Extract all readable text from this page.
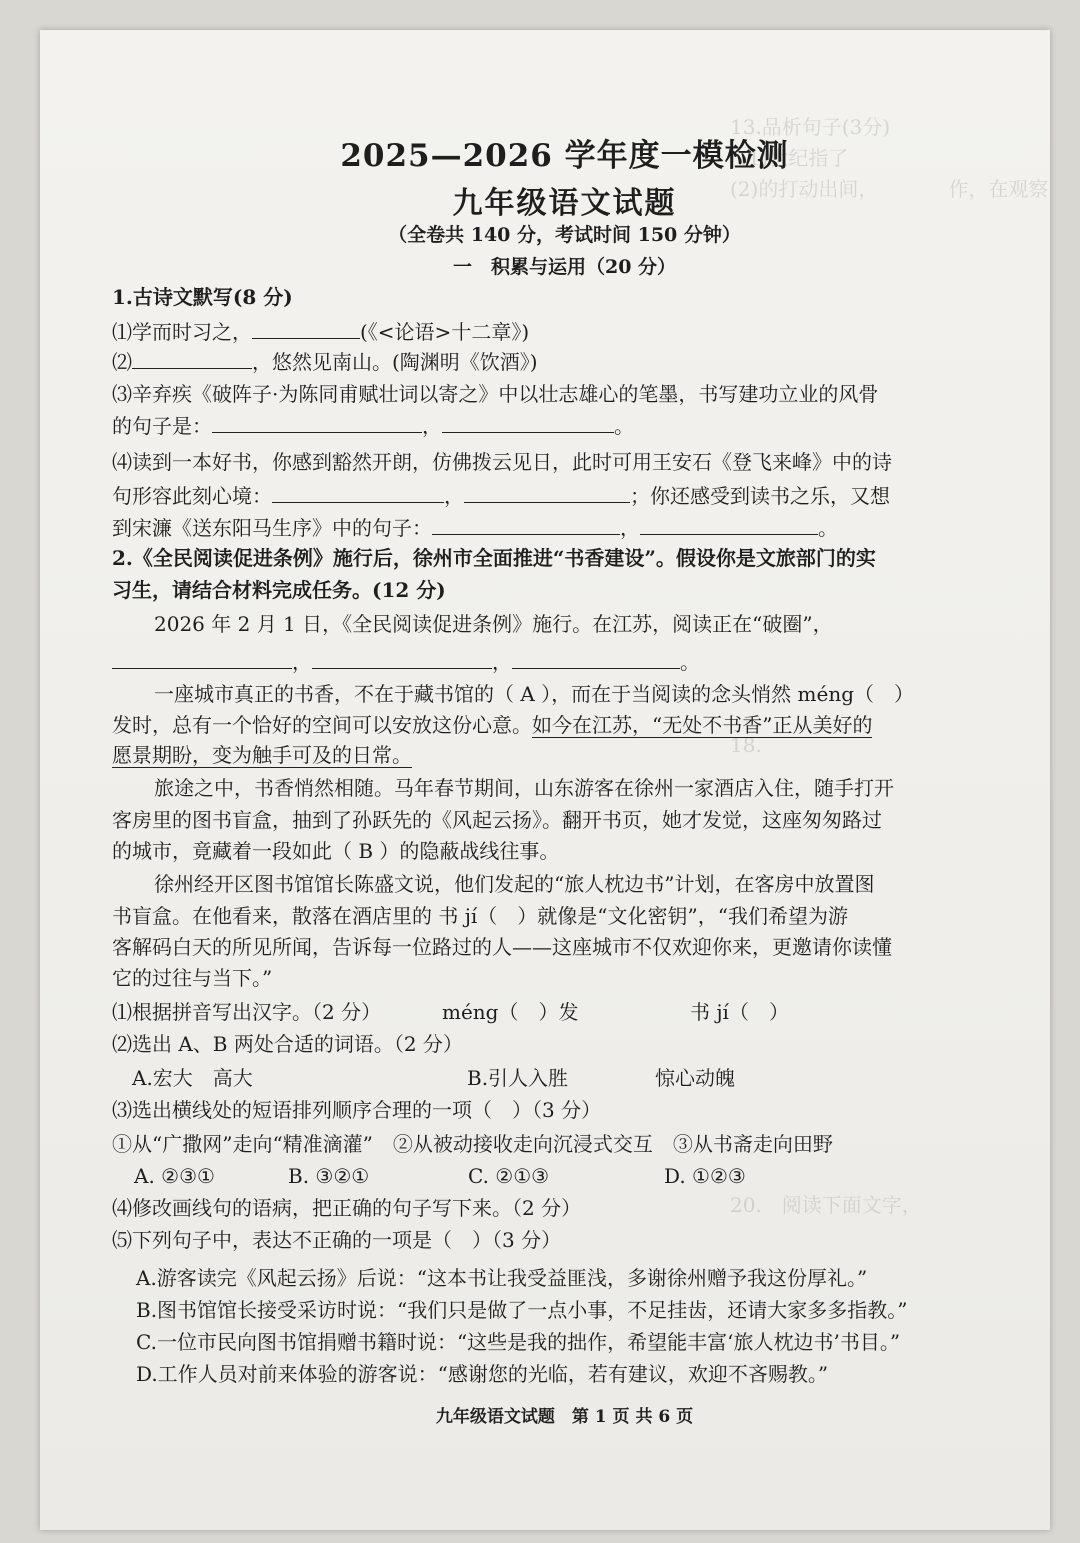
13.品析句子(3分)
(1)世纪指了　　　　　　　　
(2)的打动出间，　　　　作，在观察

18.　　　　　　　　　　
20.　阅读下面文字，　　　　
2025—2026 学年度一模检测
九年级语文试题
（全卷共 140 分，考试时间 150 分钟）
一　积累与运用（20 分）
1.古诗文默写(8 分)
⑴学而时习之，	(《<论语>十二章》)
⑵	，悠然见南山。(陶渊明《饮酒》)
⑶辛弃疾《破阵子·为陈同甫赋壮词以寄之》中以壮志雄心的笔墨，书写建功立业的风骨
的句子是：	，	。
⑷读到一本好书，你感到豁然开朗，仿佛拨云见日，此时可用王安石《登飞来峰》中的诗
句形容此刻心境：	，	；你还感受到读书之乐，又想
到宋濂《送东阳马生序》中的句子：	，	。
2.《全民阅读促进条例》施行后，徐州市全面推进“书香建设”。假设你是文旅部门的实
习生，请结合材料完成任务。(12 分)
2026 年 2 月 1 日，《全民阅读促进条例》施行。在江苏，阅读正在“破圈”，
，	，	。
一座城市真正的书香，不在于藏书馆的（ A ），而在于当阅读的念头悄然 méng（　）
发时，总有一个恰好的空间可以安放这份心意。如今在江苏，“无处不书香”正从美好的
愿景期盼，变为触手可及的日常。
旅途之中，书香悄然相随。马年春节期间，山东游客在徐州一家酒店入住，随手打开
客房里的图书盲盒，抽到了孙跃先的《风起云扬》。翻开书页，她才发觉，这座匆匆路过
的城市，竟藏着一段如此（ B ）的隐蔽战线往事。
徐州经开区图书馆馆长陈盛文说，他们发起的“旅人枕边书”计划，在客房中放置图
书盲盒。在他看来，散落在酒店里的 书 jí（　）就像是“文化密钥”，“我们希望为游
客解码白天的所见所闻，告诉每一位路过的人——这座城市不仅欢迎你来，更邀请你读懂
它的过往与当下。”
⑴根据拼音写出汉字。（2 分）	méng（　）发	书 jí（　）
⑵选出 A、B 两处合适的词语。（2 分）
A.宏大　高大	B.引人入胜	惊心动魄
⑶选出横线处的短语排列顺序合理的一项（　）（3 分）
①从“广撒网”走向“精准滴灌”　②从被动接收走向沉浸式交互　③从书斋走向田野
A. ②③①	B. ③②①	C. ②①③	D. ①②③
⑷修改画线句的语病，把正确的句子写下来。（2 分）
⑸下列句子中，表达不正确的一项是（　）（3 分）
A.游客读完《风起云扬》后说：“这本书让我受益匪浅，多谢徐州赠予我这份厚礼。”
B.图书馆馆长接受采访时说：“我们只是做了一点小事，不足挂齿，还请大家多多指教。”
C.一位市民向图书馆捐赠书籍时说：“这些是我的拙作，希望能丰富‘旅人枕边书’书目。”
D.工作人员对前来体验的游客说：“感谢您的光临，若有建议，欢迎不吝赐教。”
九年级语文试题　第 1 页 共 6 页
